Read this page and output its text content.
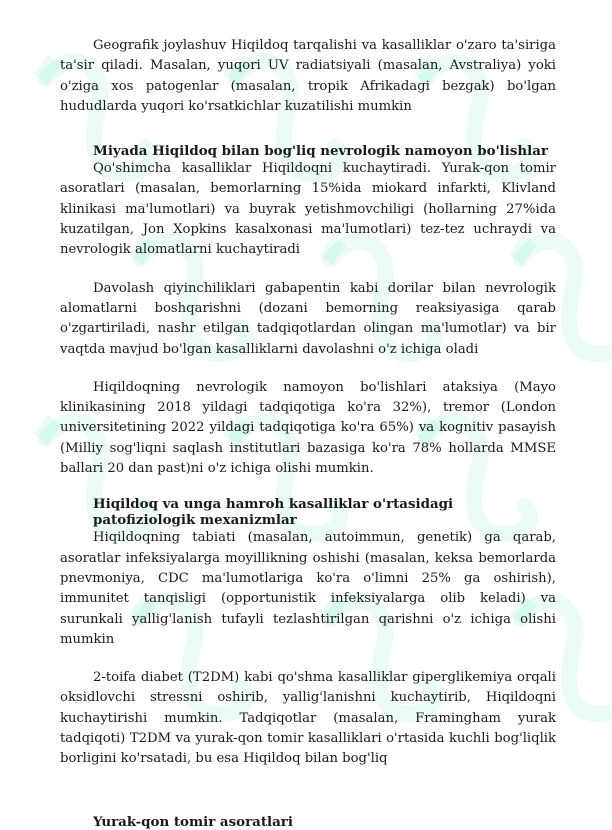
Geografik joylashuv Hiqildoq tarqalishi va kasalliklar o'zaro ta'siriga ta'sir qiladi. Masalan, yuqori UV radiatsiyali (masalan, Avstraliya) yoki o'ziga xos patogenlar (masalan, tropik Afrikadagi bezgak) bo'lgan hududlarda yuqori ko'rsatkichlar kuzatilishi mumkin

Miyada Hiqildoq bilan bog'liq nevrologik namoyon bo'lishlar

Qo'shimcha kasalliklar Hiqildoqni kuchaytiradi. Yurak-qon tomir asoratlari (masalan, bemorlarning 15%ida miokard infarkti, Klivland klinikasi ma'lumotlari) va buyrak yetishmovchiligi (hollarning 27%ida kuzatilgan, Jon Xopkins kasalxonasi ma'lumotlari) tez-tez uchraydi va nevrologik alomatlarni kuchaytiradi

Davolash qiyinchiliklari gabapentin kabi dorilar bilan nevrologik alomatlarni boshqarishni (dozani bemorning reaksiyasiga qarab o'zgartiriladi, nashr etilgan tadqiqotlardan olingan ma'lumotlar) va bir vaqtda mavjud bo'lgan kasalliklarni davolashni o'z ichiga oladi

Hiqildoqning nevrologik namoyon bo'lishlari ataksiya (Mayo klinikasining 2018 yildagi tadqiqotiga ko'ra 32%), tremor (London universitetining 2022 yildagi tadqiqotiga ko'ra 65%) va kognitiv pasayish (Milliy sog'liqni saqlash institutlari bazasiga ko'ra 78% hollarda MMSE ballari 20 dan past)ni o'z ichiga olishi mumkin.

Hiqildoq va unga hamroh kasalliklar o'rtasidagi patofiziologik mexanizmlar

Hiqildoqning tabiati (masalan, autoimmun, genetik) ga qarab, asoratlar infeksiyalarga moyillikning oshishi (masalan, keksa bemorlarda pnevmoniya, CDC ma'lumotlariga ko'ra o'limni 25% ga oshirish), immunitet tanqisligi (opportunistik infeksiyalarga olib keladi) va surunkali yallig'lanish tufayli tezlashtirilgan qarishni o'z ichiga olishi mumkin

2-toifa diabet (T2DM) kabi qo'shma kasalliklar giperglikemiya orqali oksidlovchi stressni oshirib, yallig'lanishni kuchaytirib, Hiqildoqni kuchaytirishi mumkin. Tadqiqotlar (masalan, Framingham yurak tadqiqoti) T2DM va yurak-qon tomir kasalliklari o'rtasida kuchli bog'liqlik borligini ko'rsatadi, bu esa Hiqildoq bilan bog'liq

Yurak-qon tomir asoratlari
